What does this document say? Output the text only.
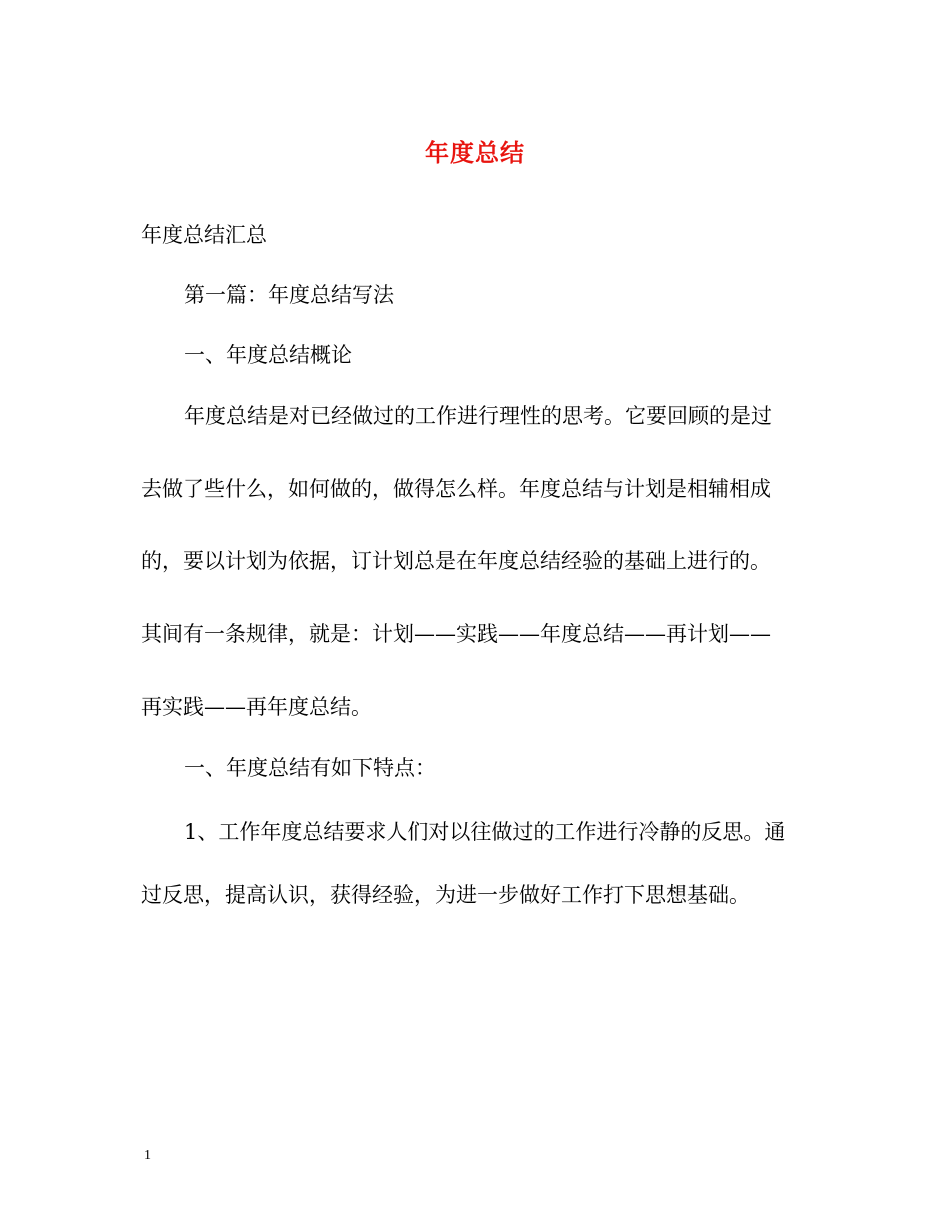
年度总结

年度总结汇总

第一篇：年度总结写法

一、年度总结概论

年度总结是对已经做过的工作进行理性的思考。它要回顾的是过

去做了些什么，如何做的，做得怎么样。年度总结与计划是相辅相成

的，要以计划为依据，订计划总是在年度总结经验的基础上进行的。

其间有一条规律，就是：计划——实践——年度总结——再计划——

再实践——再年度总结。

一、年度总结有如下特点：

1、工作年度总结要求人们对以往做过的工作进行冷静的反思。通

过反思，提高认识，获得经验，为进一步做好工作打下思想基础。

1
